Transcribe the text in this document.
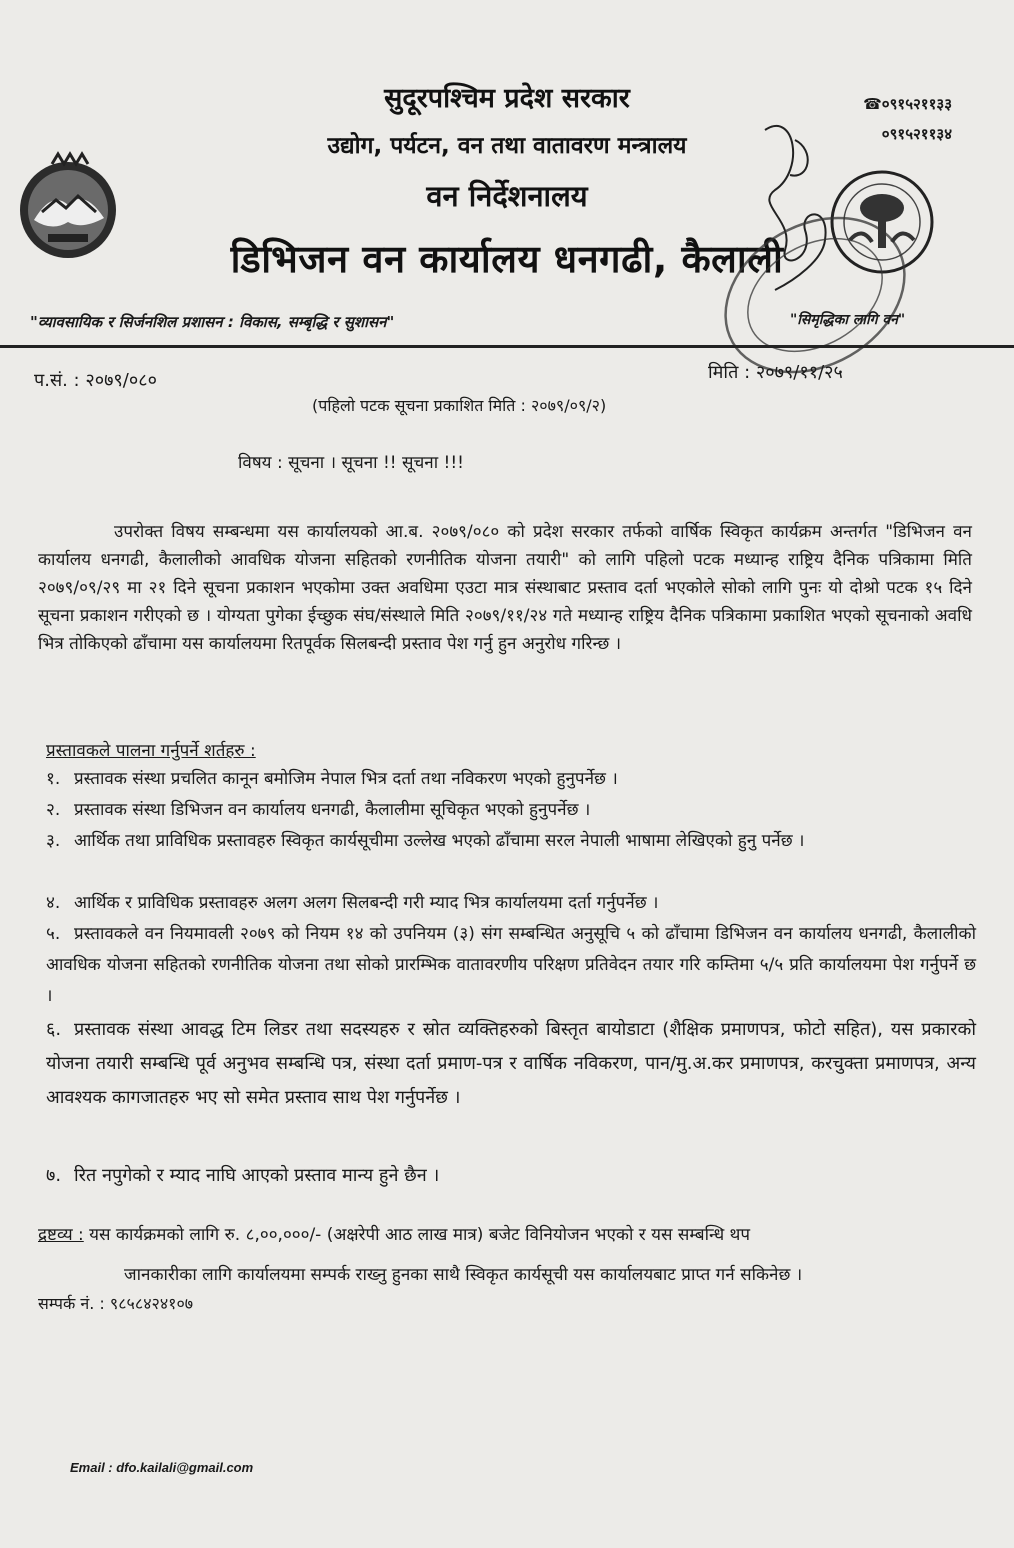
सुदूरपश्चिम प्रदेश सरकार
उद्योग, पर्यटन, वन तथा वातावरण मन्त्रालय
वन निर्देशनालय
डिभिजन वन कार्यालय धनगढी, कैलाली
☎०९१५२११३३
०९१५२११३४
"व्यावसायिक र सिर्जनशिल प्रशासन : विकास, सम्बृद्धि र सुशासन"	"सिमृद्धिका लागि वन"
प.सं. : २०७९/०८०	मिति : २०७९/११/२५
(पहिलो पटक सूचना प्रकाशित मिति : २०७९/०९/२)
विषय : सूचना । सूचना !! सूचना !!!
उपरोक्त विषय सम्बन्धमा यस कार्यालयको आ.ब. २०७९/०८० को प्रदेश सरकार तर्फको वार्षिक स्विकृत कार्यक्रम अन्तर्गत "डिभिजन वन कार्यालय धनगढी, कैलालीको आवधिक योजना सहितको रणनीतिक योजना तयारी" को लागि पहिलो पटक मध्यान्ह राष्ट्रिय दैनिक पत्रिकामा मिति २०७९/०९/२९ मा २१ दिने सूचना प्रकाशन भएकोमा उक्त अवधिमा एउटा मात्र संस्थाबाट प्रस्ताव दर्ता भएकोले सोको लागि पुनः यो दोश्रो पटक १५ दिने सूचना प्रकाशन गरीएको छ । योग्यता पुगेका ईच्छुक संघ/संस्थाले मिति २०७९/११/२४ गते मध्यान्ह राष्ट्रिय दैनिक पत्रिकामा प्रकाशित भएको सूचनाको अवधि भित्र तोकिएको ढाँचामा यस कार्यालयमा रितपूर्वक सिलबन्दी प्रस्ताव पेश गर्नु हुन अनुरोध गरिन्छ ।
प्रस्तावकले पालना गर्नुपर्ने शर्तहरु :
१. प्रस्तावक संस्था प्रचलित कानून बमोजिम नेपाल भित्र दर्ता तथा नविकरण भएको हुनुपर्नेछ ।
२. प्रस्तावक संस्था डिभिजन वन कार्यालय धनगढी, कैलालीमा सूचिकृत भएको हुनुपर्नेछ ।
३. आर्थिक तथा प्राविधिक प्रस्तावहरु स्विकृत कार्यसूचीमा उल्लेख भएको ढाँचामा सरल नेपाली भाषामा लेखिएको हुनु पर्नेछ ।
४. आर्थिक र प्राविधिक प्रस्तावहरु अलग अलग सिलबन्दी गरी म्याद भित्र कार्यालयमा दर्ता गर्नुपर्नेछ ।
५. प्रस्तावकले वन नियमावली २०७९ को नियम १४ को उपनियम (३) संग सम्बन्धित अनुसूचि ५ को ढाँचामा डिभिजन वन कार्यालय धनगढी, कैलालीको आवधिक योजना सहितको रणनीतिक योजना तथा सोको प्रारम्भिक वातावरणीय परिक्षण प्रतिवेदन तयार गरि कम्तिमा ५/५ प्रति कार्यालयमा पेश गर्नुपर्ने छ ।
६. प्रस्तावक संस्था आवद्ध टिम लिडर तथा सदस्यहरु र स्रोत व्यक्तिहरुको बिस्तृत बायोडाटा (शैक्षिक प्रमाणपत्र, फोटो सहित), यस प्रकारको योजना तयारी सम्बन्धि पूर्व अनुभव सम्बन्धि पत्र, संस्था दर्ता प्रमाण-पत्र र वार्षिक नविकरण, पान/मु.अ.कर प्रमाणपत्र, करचुक्ता प्रमाणपत्र, अन्य आवश्यक कागजातहरु भए सो समेत प्रस्ताव साथ पेश गर्नुपर्नेछ ।
७. रित नपुगेको र म्याद नाघि आएको प्रस्ताव मान्य हुने छैन ।
द्रष्टव्य : यस कार्यक्रमको लागि रु. ८,००,०००/- (अक्षरेपी आठ लाख मात्र) बजेट विनियोजन भएको र यस सम्बन्धि थप
जानकारीका लागि कार्यालयमा सम्पर्क राख्नु हुनका साथै स्विकृत कार्यसूची यस कार्यालयबाट प्राप्त गर्न सकिनेछ ।
सम्पर्क नं. : ९८५८४२४१०७
Email : dfo.kailali@gmail.com
